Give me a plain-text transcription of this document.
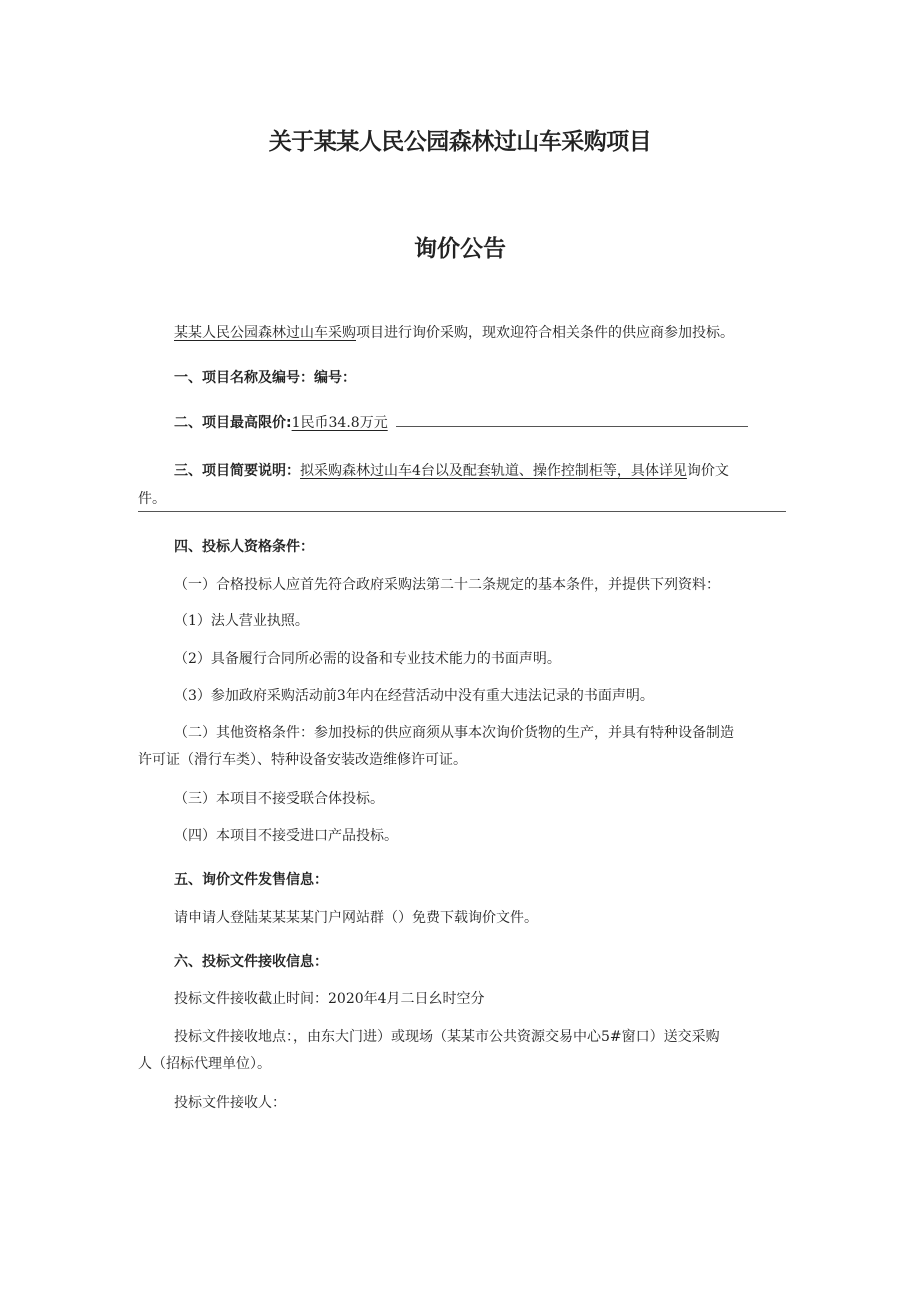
关于某某人民公园森林过山车采购项目
询价公告
某某人民公园森林过山车采购项目进行询价采购，现欢迎符合相关条件的供应商参加投标。
一、项目名称及编号：编号：
二、项目最高限价:1民币34.8万元
三、项目简要说明：拟采购森林过山车4台以及配套轨道、操作控制柜等，具体详见询价文
件。
四、投标人资格条件：
（一）合格投标人应首先符合政府采购法第二十二条规定的基本条件，并提供下列资料：
（1）法人营业执照。
（2）具备履行合同所必需的设备和专业技术能力的书面声明。
（3）参加政府采购活动前3年内在经营活动中没有重大违法记录的书面声明。
（二）其他资格条件：参加投标的供应商须从事本次询价货物的生产，并具有特种设备制造
许可证（滑行车类）、特种设备安装改造维修许可证。
（三）本项目不接受联合体投标。
（四）本项目不接受进口产品投标。
五、询价文件发售信息：
请申请人登陆某某某某门户网站群（）免费下载询价文件。
六、投标文件接收信息：
投标文件接收截止时间：2020年4月二日幺时空分
投标文件接收地点：，由东大门进）或现场（某某市公共资源交易中心5#窗口）送交采购
人（招标代理单位）。
投标文件接收人：
